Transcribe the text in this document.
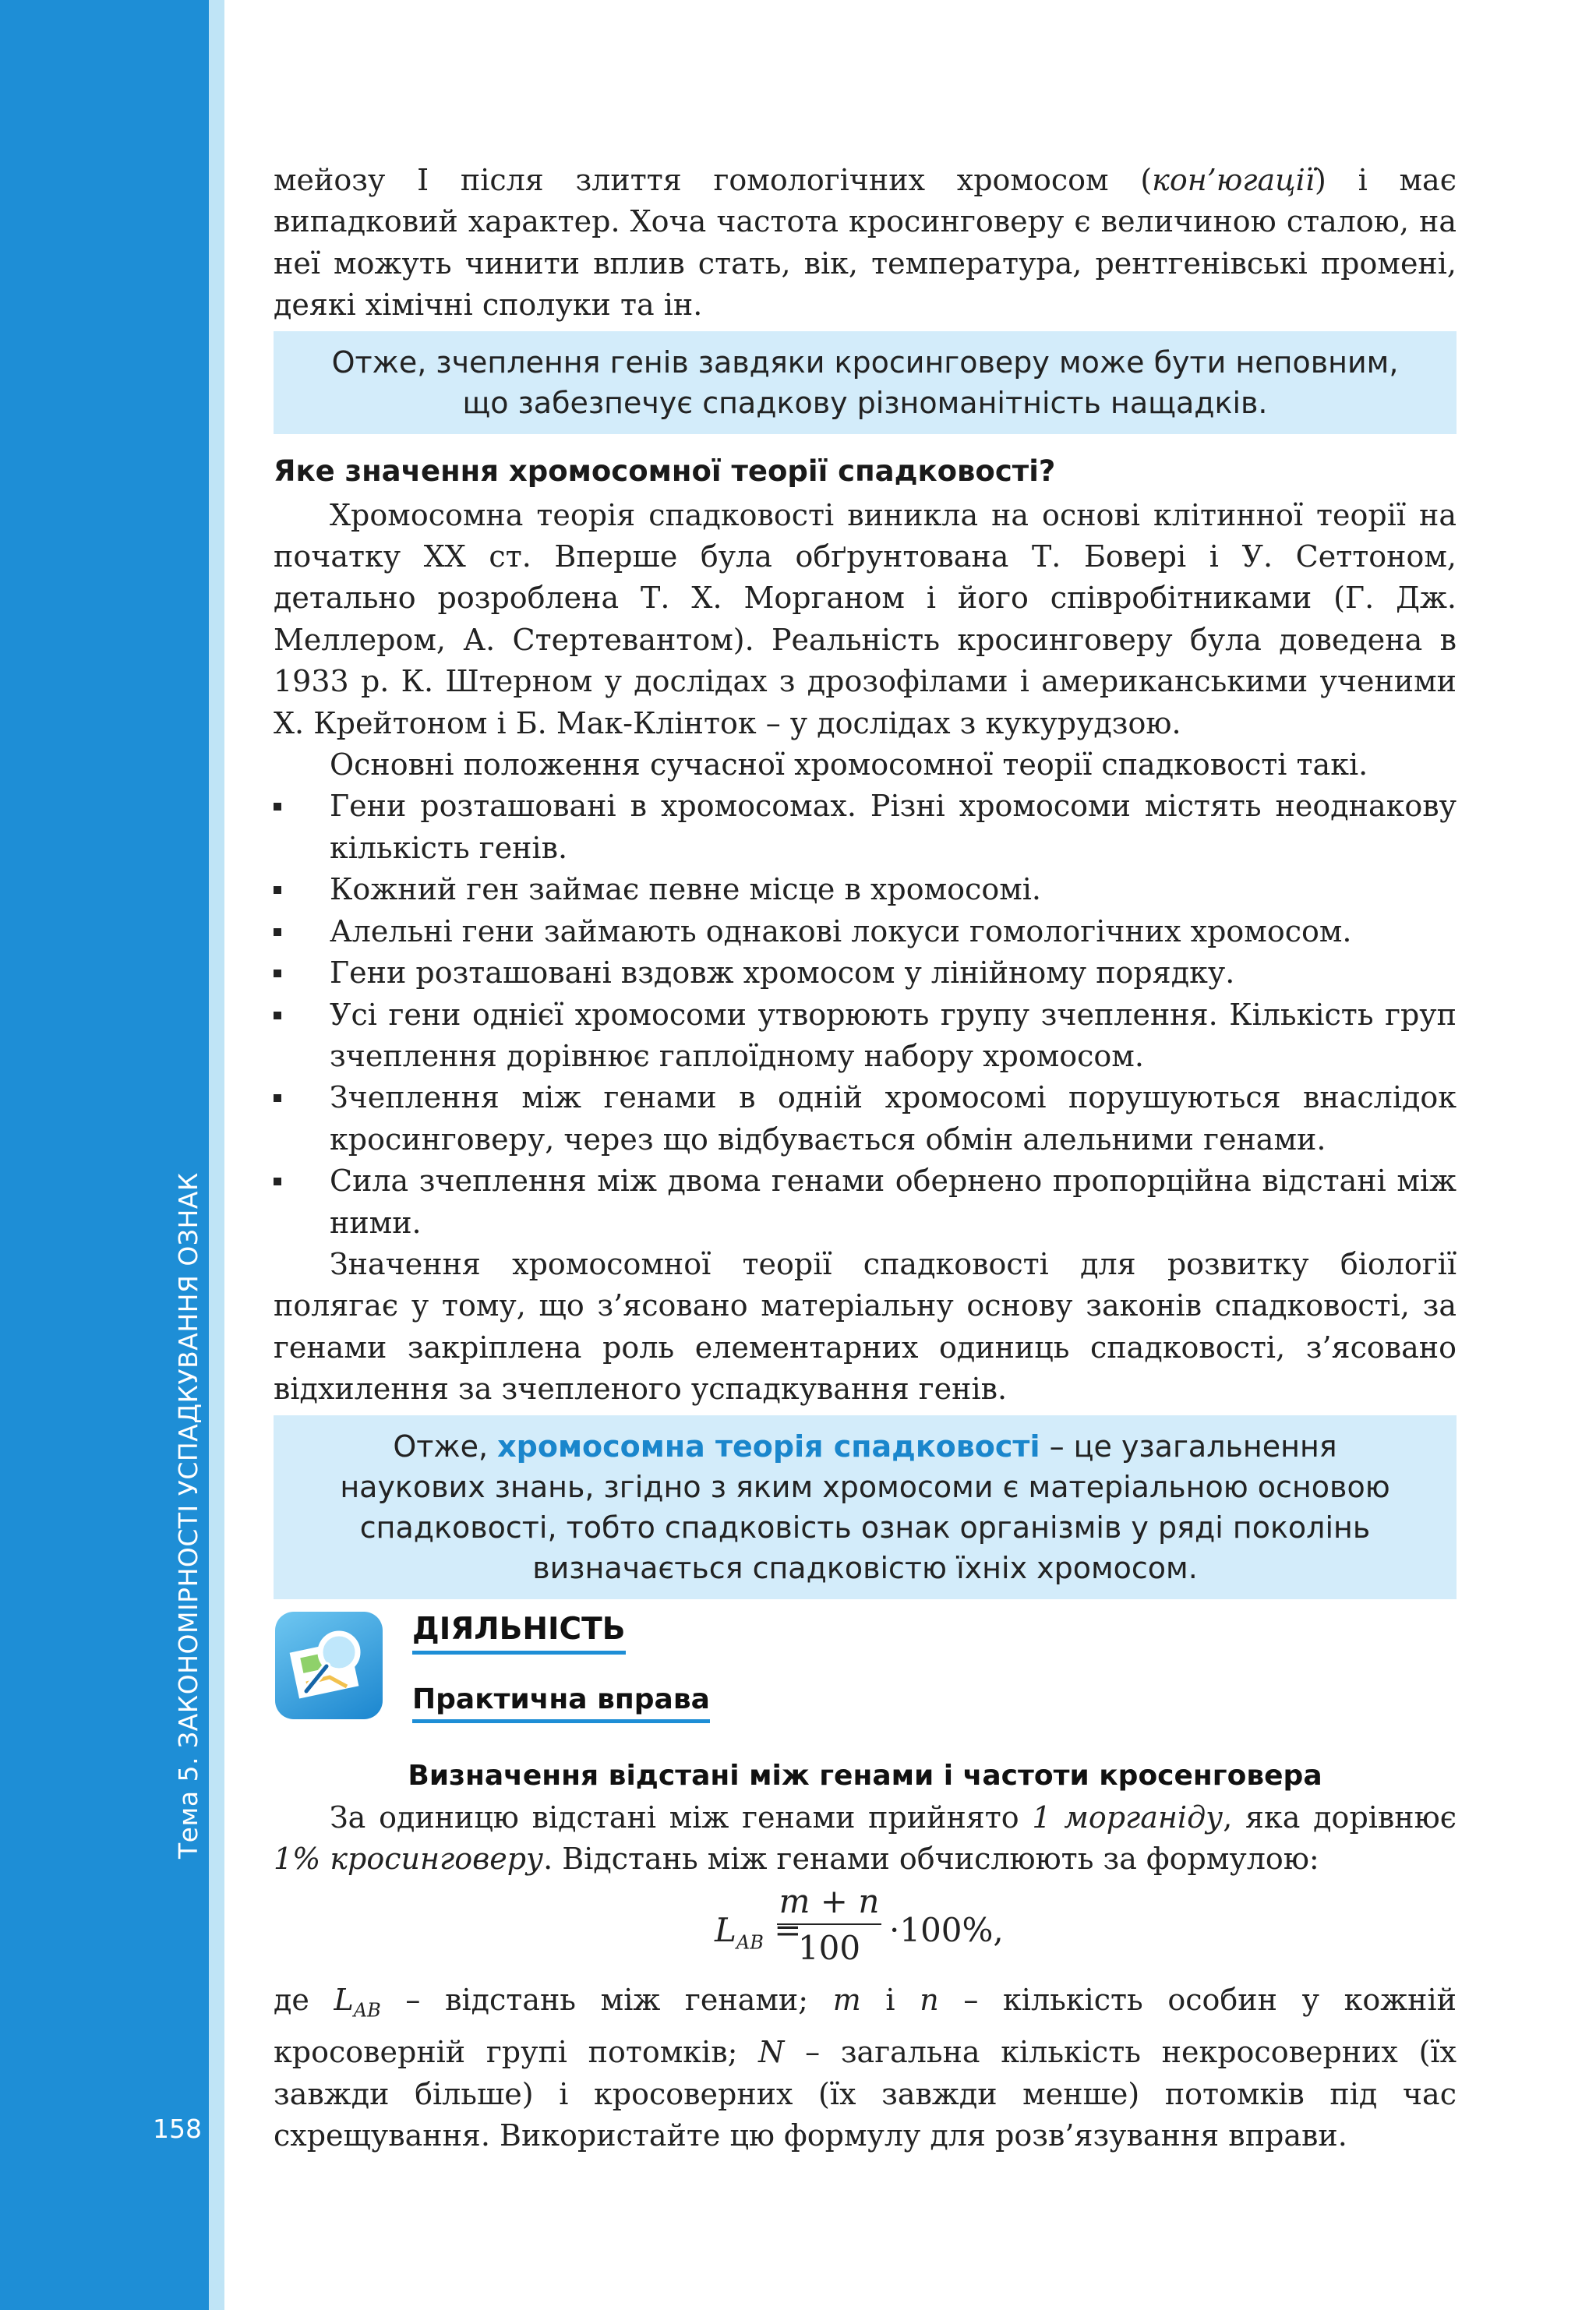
Тема 5. ЗАКОНОМІРНОСТІ УСПАДКУВАННЯ ОЗНАК
158

мейозу І після злиття гомологічних хромосом (кон’югації) і має випадковий характер. Хоча частота кросинговеру є величиною сталою, на неї можуть чинити вплив стать, вік, температура, рентгенівські промені, деякі хімічні сполуки та ін.

Отже, зчеплення генів завдяки кросинговеру може бути неповним,
що забезпечує спадкову різноманітність нащадків.
Яке значення хромосомної теорії спадковості?

Хромосомна теорія спадковості виникла на основі клітинної теорії на початку XX ст. Вперше була обґрунтована Т. Бовері і У. Сеттоном, детально розроблена Т. Х. Морганом і його співробітниками (Г. Дж. Меллером, А. Стертевантом). Реальність кросинговеру була доведена в 1933 р. К. Штерном у дослідах з дрозофілами і американськими ученими Х. Крейтоном і Б. Мак-Клінток – у дослідах з кукурудзою.

Основні положення сучасної хромосомної теорії спадковості такі.

Гени розташовані в хромосомах. Різні хромосоми містять неоднакову кількість генів.
Кожний ген займає певне місце в хромосомі.
Алельні гени займають однакові локуси гомологічних хромосом.
Гени розташовані вздовж хромосом у лінійному порядку.
Усі гени однієї хромосоми утворюють групу зчеплення. Кількість груп зчеплення дорівнює гаплоїдному набору хромосом.
Зчеплення між генами в одній хромосомі порушуються внаслідок кросинговеру, через що відбувається обмін алельними генами.
Сила зчеплення між двома генами обернено пропорційна відстані між ними.

Значення хромосомної теорії спадковості для розвитку біології полягає у тому, що з’ясовано матеріальну основу законів спадковості, за генами закріплена роль елементарних одиниць спадковості, з’ясовано відхилення за зчепленого успадкування генів.

Отже, хромосомна теорія спадковості – це узагальнення
наукових знань, згідно з яким хромосоми є матеріальною основою
спадковості, тобто спадковість ознак організмів у ряді поколінь
визначається спадковістю їхніх хромосом.
ДІЯЛЬНІСТЬ
Практична вправа
Визначення відстані між генами і частоти кросенговера

За одиницю відстані між генами прийнято 1 морганіду, яка дорівнює 1% кросинговеру. Відстань між генами обчислюють за формулою:

$L_{AB}$ =
$\frac{m + n}{100} \cdot 100\%$,

де $L_{AB}$ – відстань між генами; m і n – кількість особин у кожній кросоверній групі потомків; N – загальна кількість некросоверних (їх завжди більше) і кросоверних (їх завжди менше) потомків під час схрещування. Використайте цю формулу для розв’язування вправи.
